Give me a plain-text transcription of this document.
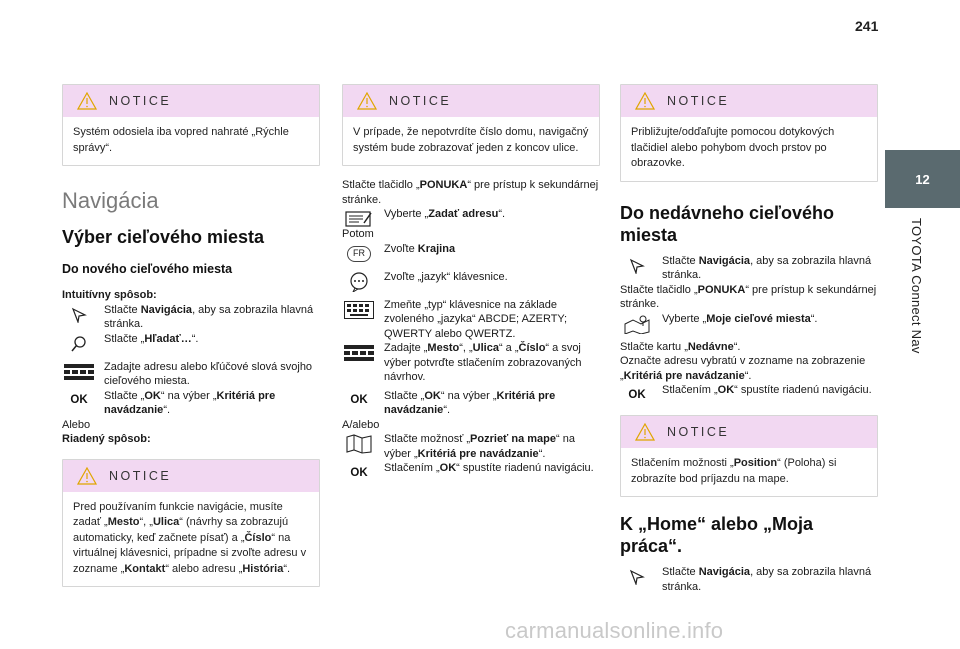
241
12
TOYOTA Connect Nav
NOTICE
Systém odosiela iba vopred nahraté „Rýchle správy“.
Navigácia
Výber cieľového miesta
Do nového cieľového miesta
Intuitívny spôsob:
Stlačte Navigácia, aby sa zobrazila hlavná stránka.
Stlačte „Hľadať…“.
Zadajte adresu alebo kľúčové slová svojho cieľového miesta.
OK Stlačte „OK“ na výber „Kritériá pre navádzanie“.
Alebo
Riadený spôsob:
NOTICE
Pred používaním funkcie navigácie, musíte zadať „Mesto“, „Ulica“ (návrhy sa zobrazujú automaticky, keď začnete písať) a „Číslo“ na virtuálnej klávesnici, prípadne si zvoľte adresu v zozname „Kontakt“ alebo adresu „História“.
NOTICE
V prípade, že nepotvrdíte číslo domu, navigačný systém bude zobrazovať jeden z koncov ulice.
Stlačte tlačidlo „PONUKA“ pre prístup k sekundárnej stránke.
Vyberte „Zadať adresu“.
Potom
FR	Zvoľte Krajina
Zvoľte „jazyk“ klávesnice.
Zmeňte „typ“ klávesnice na základe zvoleného „jazyka“ ABCDE; AZERTY; QWERTY alebo QWERTZ.
Zadajte „Mesto“, „Ulica“ a „Číslo“ a svoj výber potvrďte stlačením zobrazovaných návrhov.
OK Stlačte „OK“ na výber „Kritériá pre navádzanie“.
A/alebo
Stlačte možnosť „Pozrieť na mape“ na výber „Kritériá pre navádzanie“.
OK Stlačením „OK“ spustíte riadenú navigáciu.
NOTICE
Približujte/odďaľujte pomocou dotykových tlačidiel alebo pohybom dvoch prstov po obrazovke.
Do nedávneho cieľového miesta
Stlačte Navigácia, aby sa zobrazila hlavná stránka.
Stlačte tlačidlo „PONUKA“ pre prístup k sekundárnej stránke.
Vyberte „Moje cieľové miesta“.
Stlačte kartu „Nedávne“.
Označte adresu vybratú v zozname na zobrazenie „Kritériá pre navádzanie“.
OK Stlačením „OK“ spustíte riadenú navigáciu.
NOTICE
Stlačením možnosti „Position“ (Poloha) si zobrazíte bod príjazdu na mape.
K „Home“ alebo „Moja práca“.
Stlačte Navigácia, aby sa zobrazila hlavná stránka.
carmanualsonline.info
